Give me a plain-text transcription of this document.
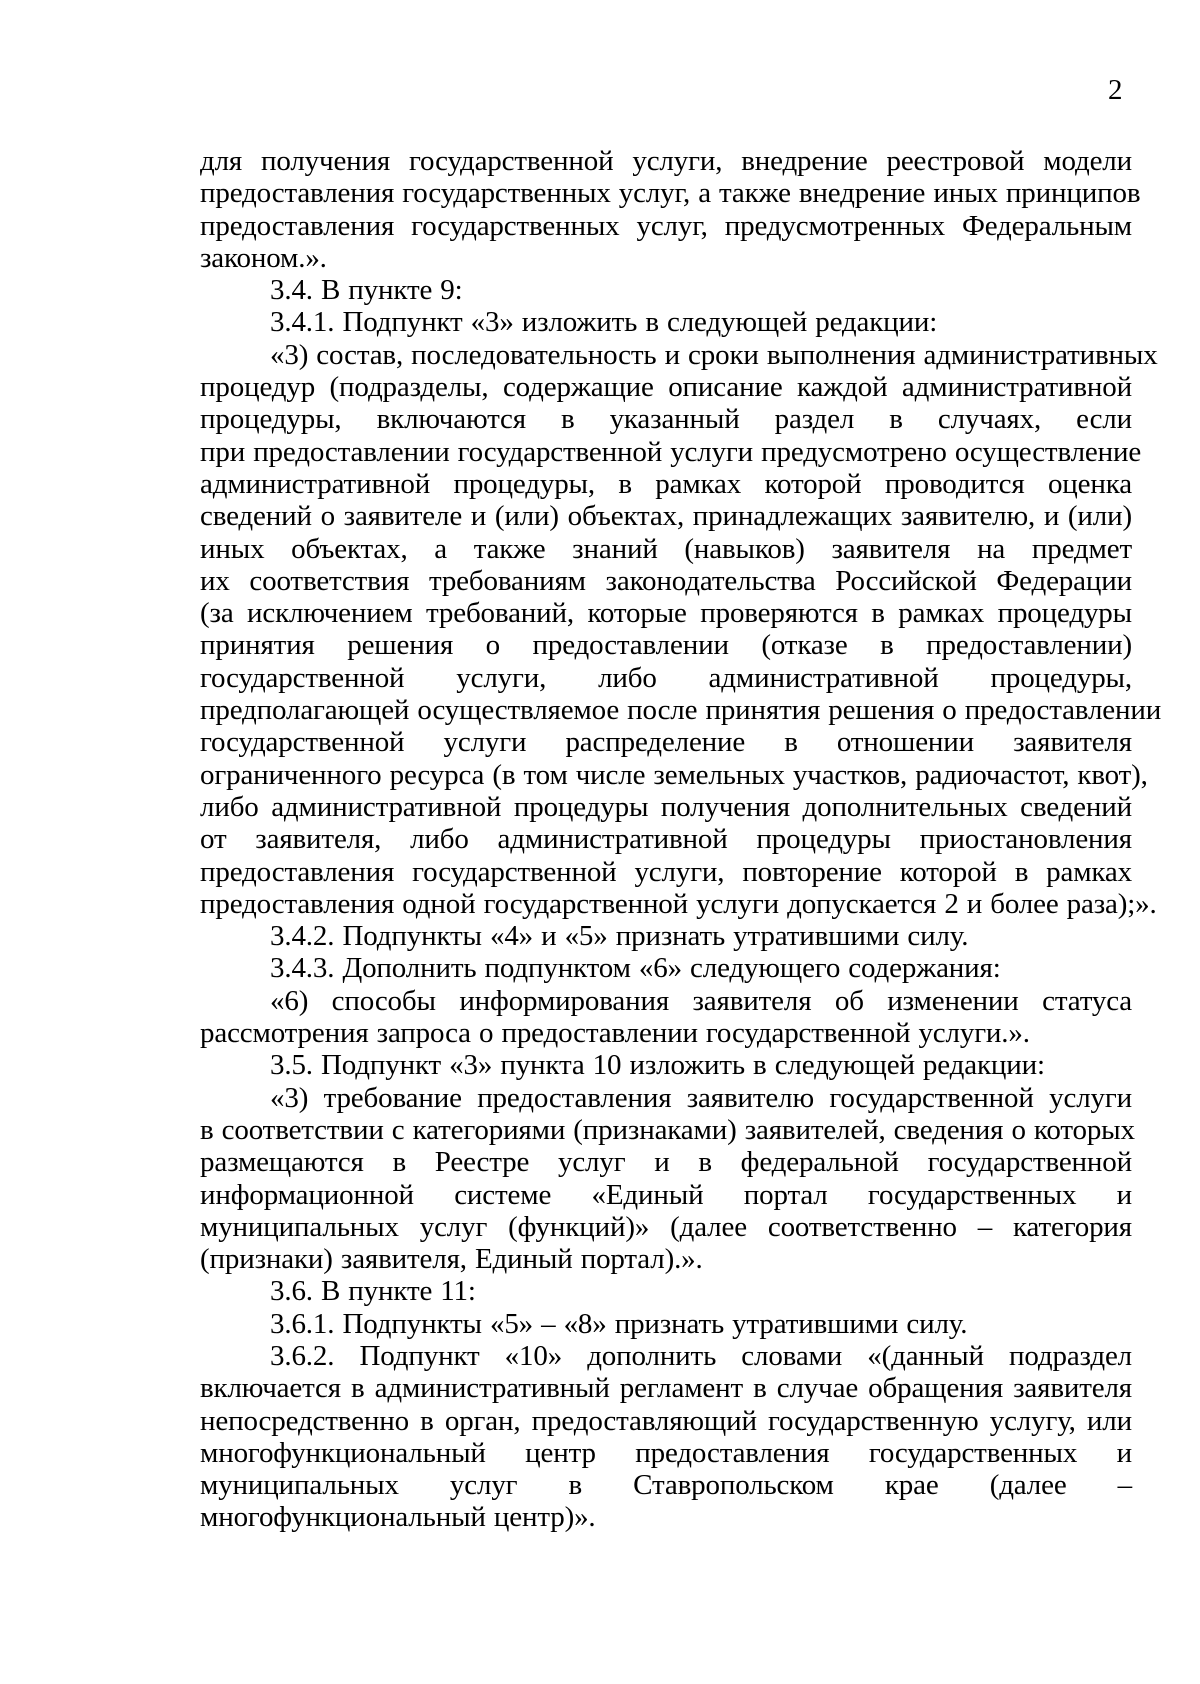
2
для получения государственной услуги, внедрение реестровой модели
предоставления государственных услуг, а также внедрение иных принципов
предоставления государственных услуг, предусмотренных Федеральным
законом.».
3.4. В пункте 9:
3.4.1. Подпункт «3» изложить в следующей редакции:
«3) состав, последовательность и сроки выполнения административных
процедур (подразделы, содержащие описание каждой административной
процедуры, включаются в указанный раздел в случаях, если
при предоставлении государственной услуги предусмотрено осуществление
административной процедуры, в рамках которой проводится оценка
сведений о заявителе и (или) объектах, принадлежащих заявителю, и (или)
иных объектах, а также знаний (навыков) заявителя на предмет
их соответствия требованиям законодательства Российской Федерации
(за исключением требований, которые проверяются в рамках процедуры
принятия решения о предоставлении (отказе в предоставлении)
государственной услуги, либо административной процедуры,
предполагающей осуществляемое после принятия решения о предоставлении
государственной услуги распределение в отношении заявителя
ограниченного ресурса (в том числе земельных участков, радиочастот, квот),
либо административной процедуры получения дополнительных сведений
от заявителя, либо административной процедуры приостановления
предоставления государственной услуги, повторение которой в рамках
предоставления одной государственной услуги допускается 2 и более раза);».
3.4.2. Подпункты «4» и «5» признать утратившими силу.
3.4.3. Дополнить подпунктом «6» следующего содержания:
«6) способы информирования заявителя об изменении статуса
рассмотрения запроса о предоставлении государственной услуги.».
3.5. Подпункт «3» пункта 10 изложить в следующей редакции:
«3) требование предоставления заявителю государственной услуги
в соответствии с категориями (признаками) заявителей, сведения о которых
размещаются в Реестре услуг и в федеральной государственной
информационной системе «Единый портал государственных и
муниципальных услуг (функций)» (далее соответственно – категория
(признаки) заявителя, Единый портал).».
3.6. В пункте 11:
3.6.1. Подпункты «5» – «8» признать утратившими силу.
3.6.2. Подпункт «10» дополнить словами «(данный подраздел
включается в административный регламент в случае обращения заявителя
непосредственно в орган, предоставляющий государственную услугу, или
многофункциональный центр предоставления государственных и
муниципальных услуг в Ставропольском крае (далее –
многофункциональный центр)».
